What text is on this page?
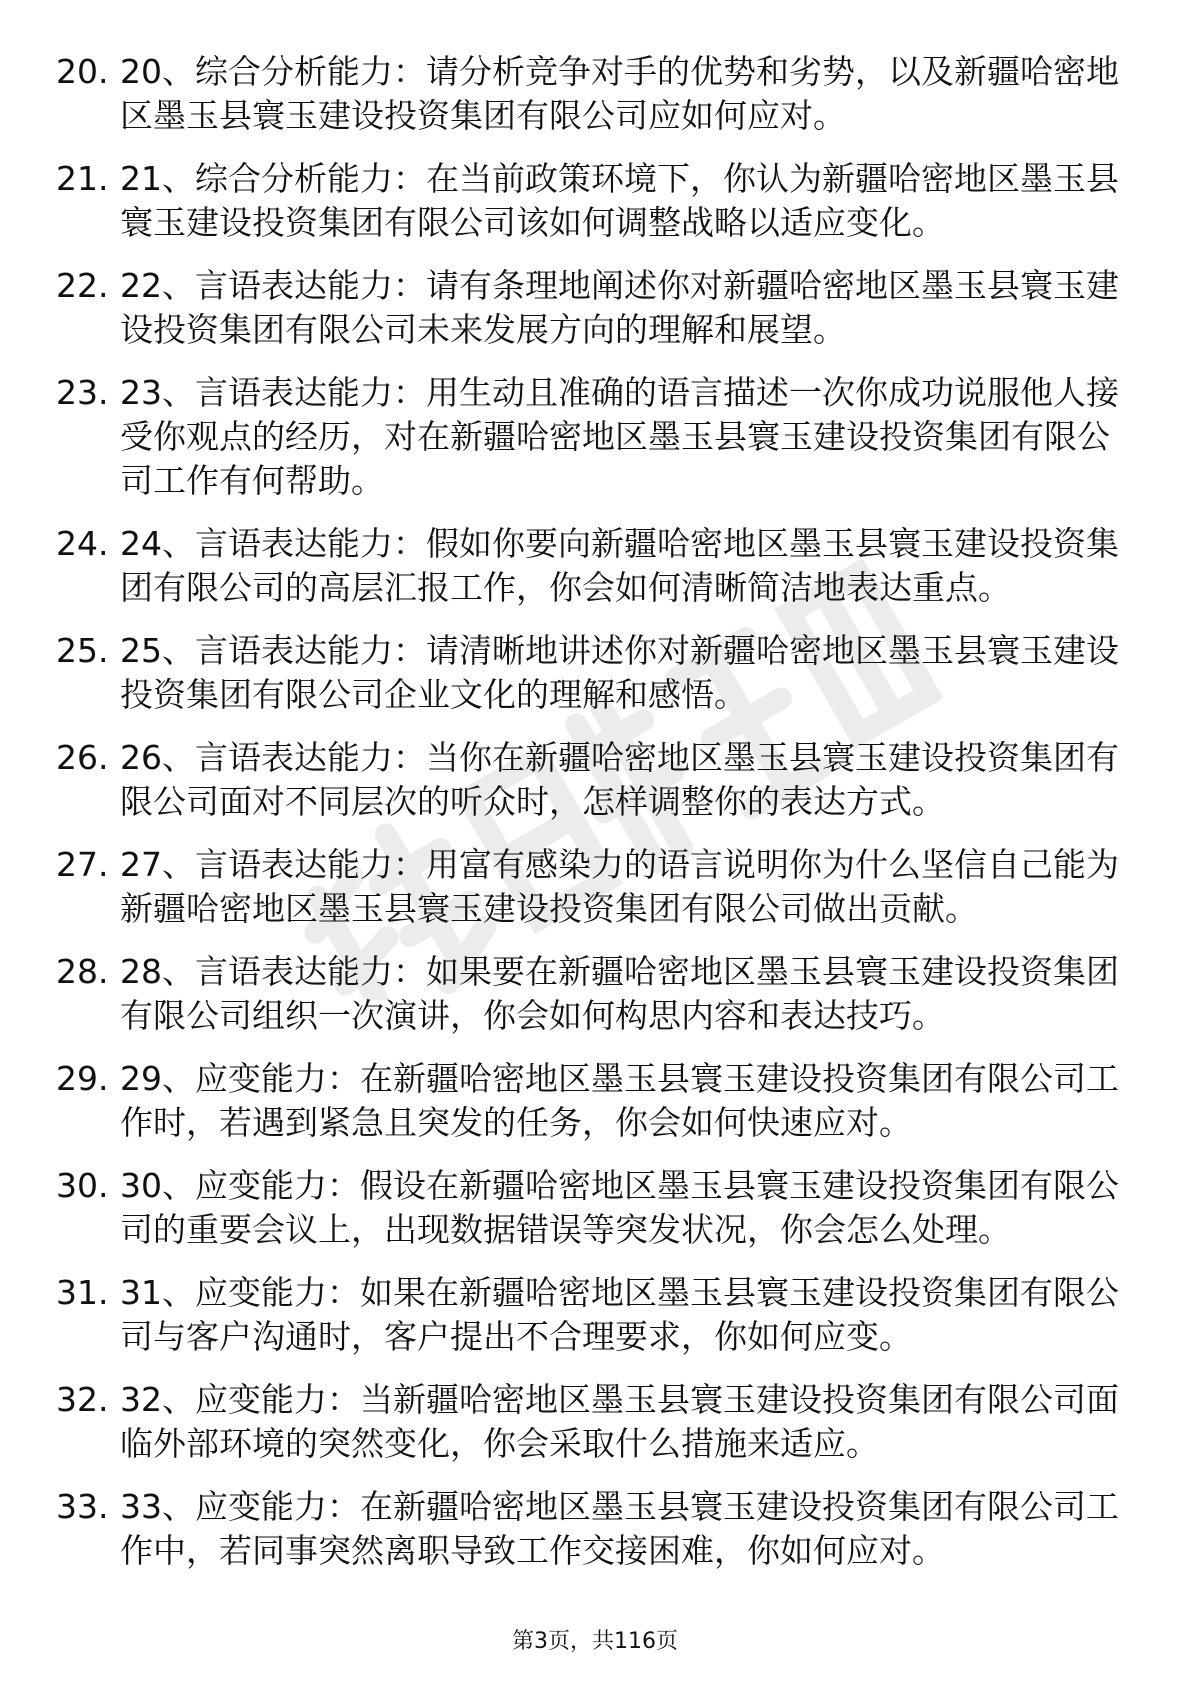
20. 20、综合分析能力：请分析竞争对手的优势和劣势，以及新疆哈密地区墨玉县寰玉建设投资集团有限公司应如何应对。
21. 21、综合分析能力：在当前政策环境下，你认为新疆哈密地区墨玉县寰玉建设投资集团有限公司该如何调整战略以适应变化。
22. 22、言语表达能力：请有条理地阐述你对新疆哈密地区墨玉县寰玉建设投资集团有限公司未来发展方向的理解和展望。
23. 23、言语表达能力：用生动且准确的语言描述一次你成功说服他人接受你观点的经历，对在新疆哈密地区墨玉县寰玉建设投资集团有限公司工作有何帮助。
24. 24、言语表达能力：假如你要向新疆哈密地区墨玉县寰玉建设投资集团有限公司的高层汇报工作，你会如何清晰简洁地表达重点。
25. 25、言语表达能力：请清晰地讲述你对新疆哈密地区墨玉县寰玉建设投资集团有限公司企业文化的理解和感悟。
26. 26、言语表达能力：当你在新疆哈密地区墨玉县寰玉建设投资集团有限公司面对不同层次的听众时，怎样调整你的表达方式。
27. 27、言语表达能力：用富有感染力的语言说明你为什么坚信自己能为新疆哈密地区墨玉县寰玉建设投资集团有限公司做出贡献。
28. 28、言语表达能力：如果要在新疆哈密地区墨玉县寰玉建设投资集团有限公司组织一次演讲，你会如何构思内容和表达技巧。
29. 29、应变能力：在新疆哈密地区墨玉县寰玉建设投资集团有限公司工作时，若遇到紧急且突发的任务，你会如何快速应对。
30. 30、应变能力：假设在新疆哈密地区墨玉县寰玉建设投资集团有限公司的重要会议上，出现数据错误等突发状况，你会怎么处理。
31. 31、应变能力：如果在新疆哈密地区墨玉县寰玉建设投资集团有限公司与客户沟通时，客户提出不合理要求，你如何应变。
32. 32、应变能力：当新疆哈密地区墨玉县寰玉建设投资集团有限公司面临外部环境的突然变化，你会采取什么措施来适应。
33. 33、应变能力：在新疆哈密地区墨玉县寰玉建设投资集团有限公司工作中，若同事突然离职导致工作交接困难，你如何应对。
第3页，共116页
